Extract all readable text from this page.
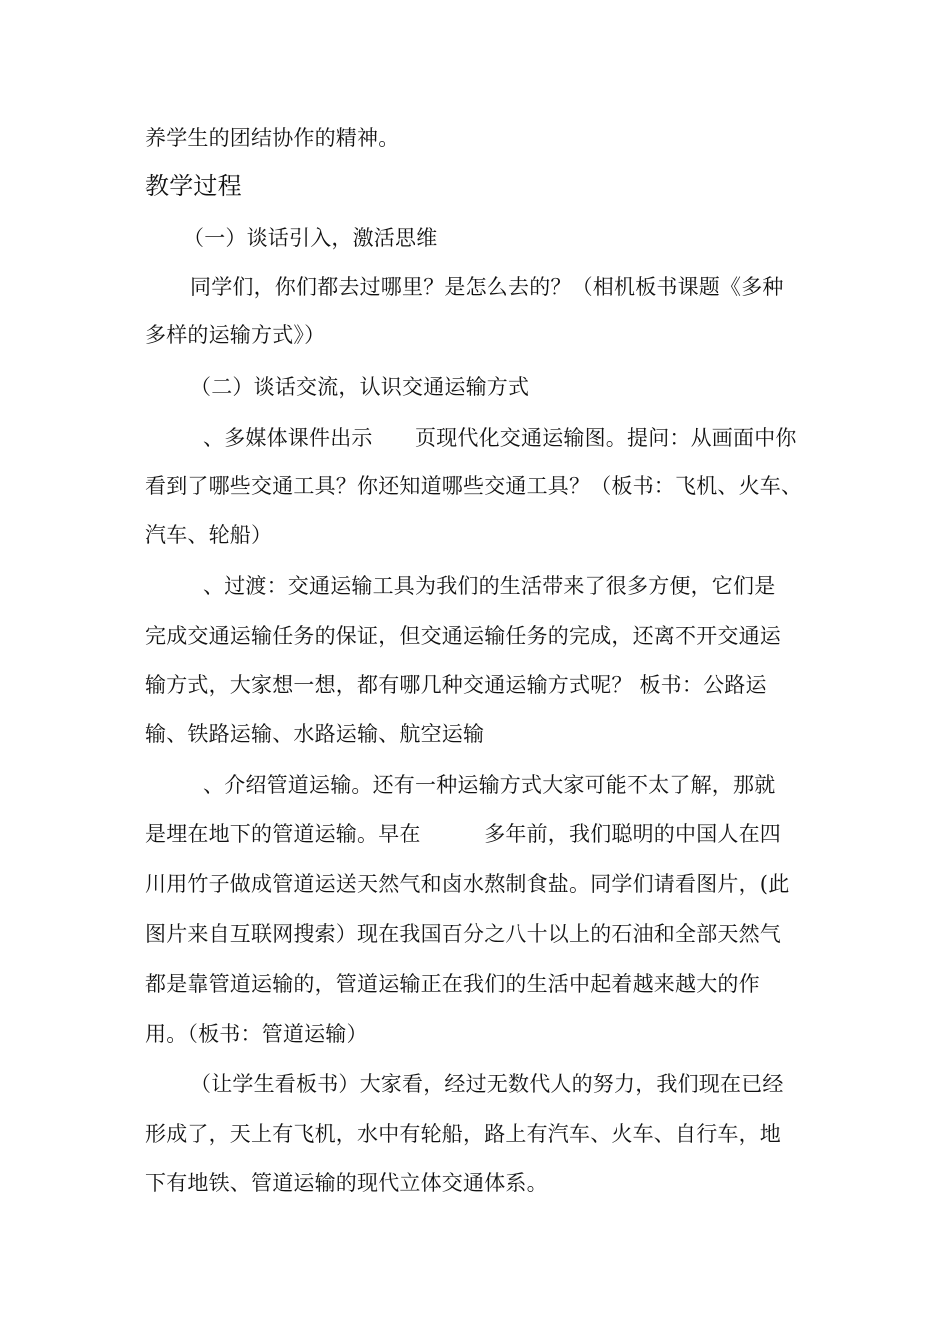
养学生的团结协作的精神。
教学过程
（一）谈话引入，激活思维
同学们，你们都去过哪里？是怎么去的？（相机板书课题《多种
多样的运输方式》）
（二）谈话交流，认识交通运输方式
、多媒体课件出示　　页现代化交通运输图。提问：从画面中你
看到了哪些交通工具？你还知道哪些交通工具？（板书：飞机、火车、
汽车、轮船）
、过渡：交通运输工具为我们的生活带来了很多方便，它们是
完成交通运输任务的保证，但交通运输任务的完成，还离不开交通运
输方式，大家想一想，都有哪几种交通运输方式呢？ 板书：公路运
输、铁路运输、水路运输、航空运输
、介绍管道运输。还有一种运输方式大家可能不太了解，那就
是埋在地下的管道运输。早在　　　多年前，我们聪明的中国人在四
川用竹子做成管道运送天然气和卤水熬制食盐。同学们请看图片，(此
图片来自互联网搜索）现在我国百分之八十以上的石油和全部天然气
都是靠管道运输的，管道运输正在我们的生活中起着越来越大的作
用。（板书：管道运输）
（让学生看板书）大家看，经过无数代人的努力，我们现在已经
形成了，天上有飞机，水中有轮船，路上有汽车、火车、自行车，地
下有地铁、管道运输的现代立体交通体系。
